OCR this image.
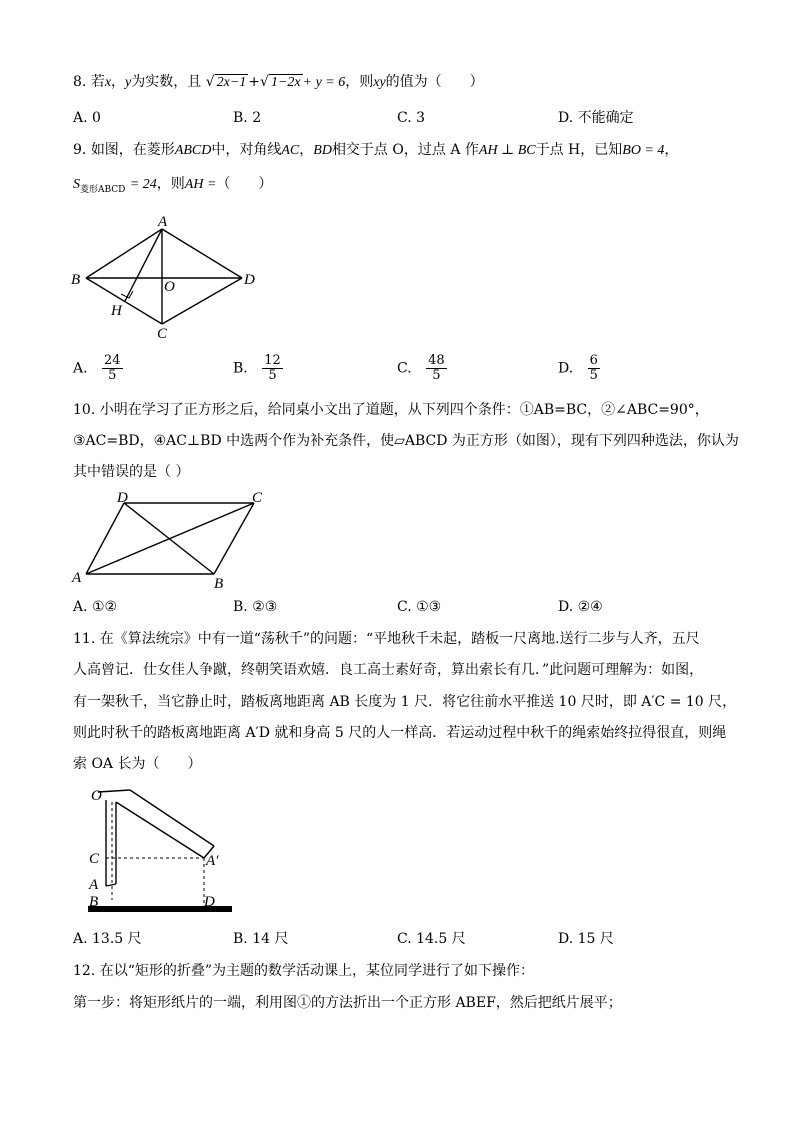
8. 若x，y为实数，且 √ 2x−1 +√ 1−2x + y = 6，则xy的值为（　　）
A. 0	B. 2	C. 3	D. 不能确定
9. 如图，在菱形ABCD中，对角线AC，BD相交于点 O，过点 A 作AH ⊥ BC于点 H，已知BO = 4，
$S_{菱形ABCD} = 24$，则AH =（　　）
A
B
C
D
O
H
A. $\frac{24}{5}$	B. $\frac{12}{5}$	C. $\frac{48}{5}$	D. $\frac{6}{5}$
10. 小明在学习了正方形之后，给同桌小文出了道题，从下列四个条件：①AB=BC，②∠ABC=90°，
③AC=BD，④AC⊥BD 中选两个作为补充条件，使▱ABCD 为正方形（如图），现有下列四种选法，你认为
其中错误的是（ ）
A	B
C
D
A. ①②	B. ②③	C. ①③	D. ②④
11. 在《算法统宗》中有一道“荡秋千”的问题：“平地秋千未起，踏板一尺离地.送行二步与人齐，五尺
人高曾记．仕女佳人争蹴，终朝笑语欢嬉．良工高士素好奇，算出索长有几．”此问题可理解为：如图，
有一架秋千，当它静止时，踏板离地距离 AB 长度为 1 尺．将它往前水平推送 10 尺时，即 A′C = 10 尺，
则此时秋千的踏板离地距离 A′D 就和身高 5 尺的人一样高．若运动过程中秋千的绳索始终拉得很直，则绳
索 OA 长为（　　）
O
C
A
B	D
A′
A. 13.5 尺	B. 14 尺	C. 14.5 尺	D. 15 尺
12. 在以“矩形的折叠”为主题的数学活动课上，某位同学进行了如下操作：
第一步：将矩形纸片的一端，利用图①的方法折出一个正方形 ABEF，然后把纸片展平；
